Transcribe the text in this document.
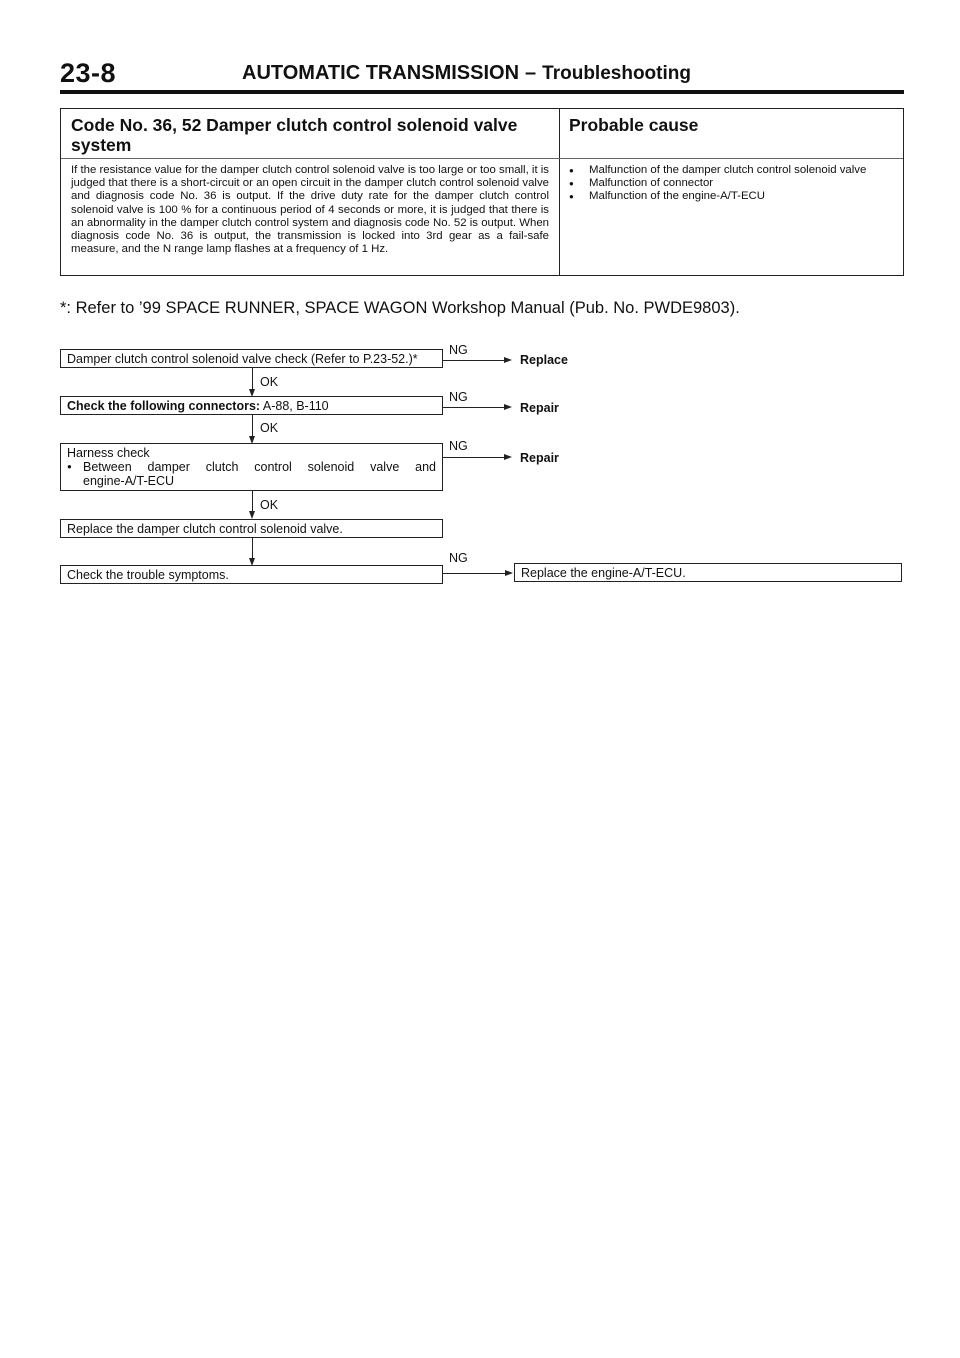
23-8	AUTOMATIC TRANSMISSION – Troubleshooting
Code No. 36, 52 Damper clutch control solenoid valve system
Probable cause
If the resistance value for the damper clutch control solenoid valve is too large or too small, it is judged that there is a short-circuit or an open circuit in the damper clutch control solenoid valve and diagnosis code No. 36 is output. If the drive duty rate for the damper clutch control solenoid valve is 100 % for a continuous period of 4 seconds or more, it is judged that there is an abnormality in the damper clutch control system and diagnosis code No. 52 is output. When diagnosis code No. 36 is output, the transmission is locked into 3rd gear as a fail-safe measure, and the N range lamp flashes at a frequency of 1 Hz.
● Malfunction of the damper clutch control solenoid valve
● Malfunction of connector
● Malfunction of the engine-A/T-ECU
*: Refer to ’99 SPACE RUNNER, SPACE WAGON Workshop Manual (Pub. No. PWDE9803).
Damper clutch control solenoid valve check (Refer to P.23-52.)*
NG
Replace
OK
Check the following connectors: A-88, B-110
NG
Repair
OK
Harness check
● Between damper clutch control solenoid valve and
engine-A/T-ECU
NG
Repair
OK
Replace the damper clutch control solenoid valve.
Check the trouble symptoms.
NG
Replace the engine-A/T-ECU.
